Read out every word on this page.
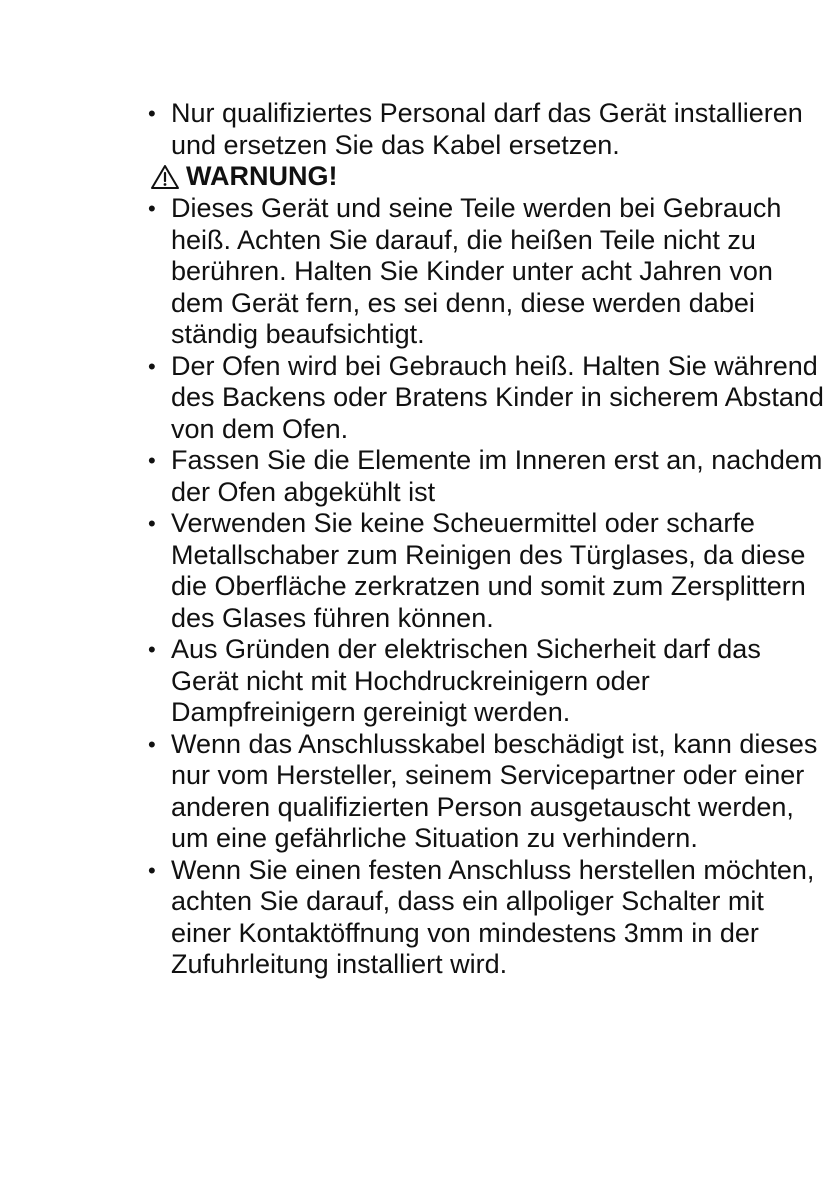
• Nur qualifiziertes Personal darf das Gerät installieren und ersetzen Sie das Kabel ersetzen.
WARNUNG!
• Dieses Gerät und seine Teile werden bei Gebrauch heiß. Achten Sie darauf, die heißen Teile nicht zu berühren. Halten Sie Kinder unter acht Jahren von dem Gerät fern, es sei denn, diese werden dabei ständig beaufsichtigt.
• Der Ofen wird bei Gebrauch heiß. Halten Sie während des Backens oder Bratens Kinder in sicherem Abstand von dem Ofen.
• Fassen Sie die Elemente im Inneren erst an, nachdem der Ofen abgekühlt ist
• Verwenden Sie keine Scheuermittel oder scharfe Metallschaber zum Reinigen des Türglases, da diese die Oberfläche zerkratzen und somit zum Zersplittern des Glases führen können.
• Aus Gründen der elektrischen Sicherheit darf das Gerät nicht mit Hochdruckreinigern oder Dampfreinigern gereinigt werden.
• Wenn das Anschlusskabel beschädigt ist, kann dieses nur vom Hersteller, seinem Servicepartner oder einer anderen qualifizierten Person ausgetauscht werden, um eine gefährliche Situation zu verhindern.
• Wenn Sie einen festen Anschluss herstellen möchten, achten Sie darauf, dass ein allpoliger Schalter mit einer Kontaktöffnung von mindestens 3mm in der Zufuhrleitung installiert wird.
